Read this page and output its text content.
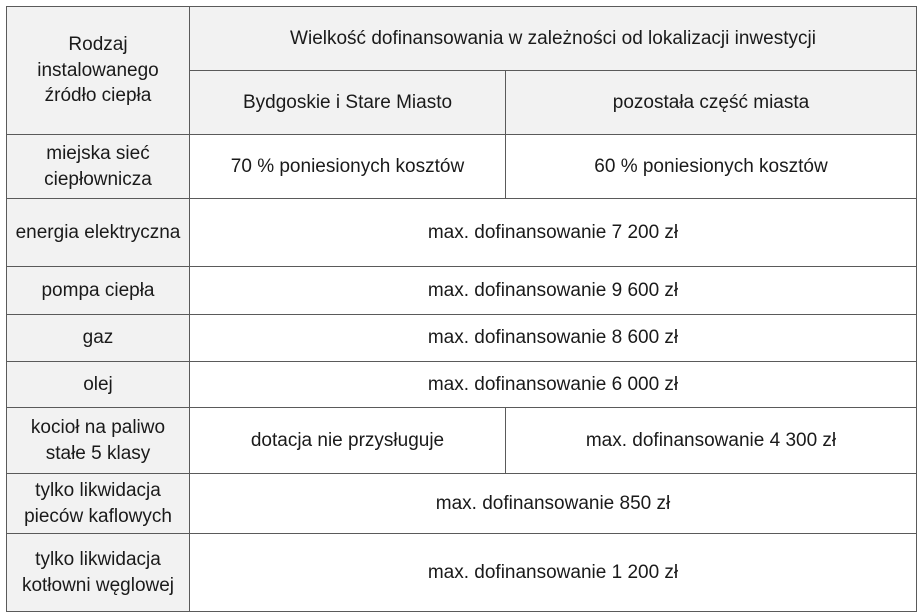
Rodzaj instalowanego źródło ciepła	Wielkość dofinansowania w zależności od lokalizacji inwestycji	
	Bydgoskie i Stare Miasto	pozostała część miasta
miejska sieć ciepłownicza	70 % poniesionych kosztów	60 % poniesionych kosztów
energia elektryczna	max. dofinansowanie 7 200 zł	
pompa ciepła	max. dofinansowanie 9 600 zł	
gaz	max. dofinansowanie 8 600 zł	
olej	max. dofinansowanie 6 000 zł	
kocioł na paliwo stałe 5 klasy	dotacja nie przysługuje	max. dofinansowanie 4 300 zł
tylko likwidacja pieców kaflowych	max. dofinansowanie 850 zł	
tylko likwidacja kotłowni węglowej	max. dofinansowanie 1 200 zł	
